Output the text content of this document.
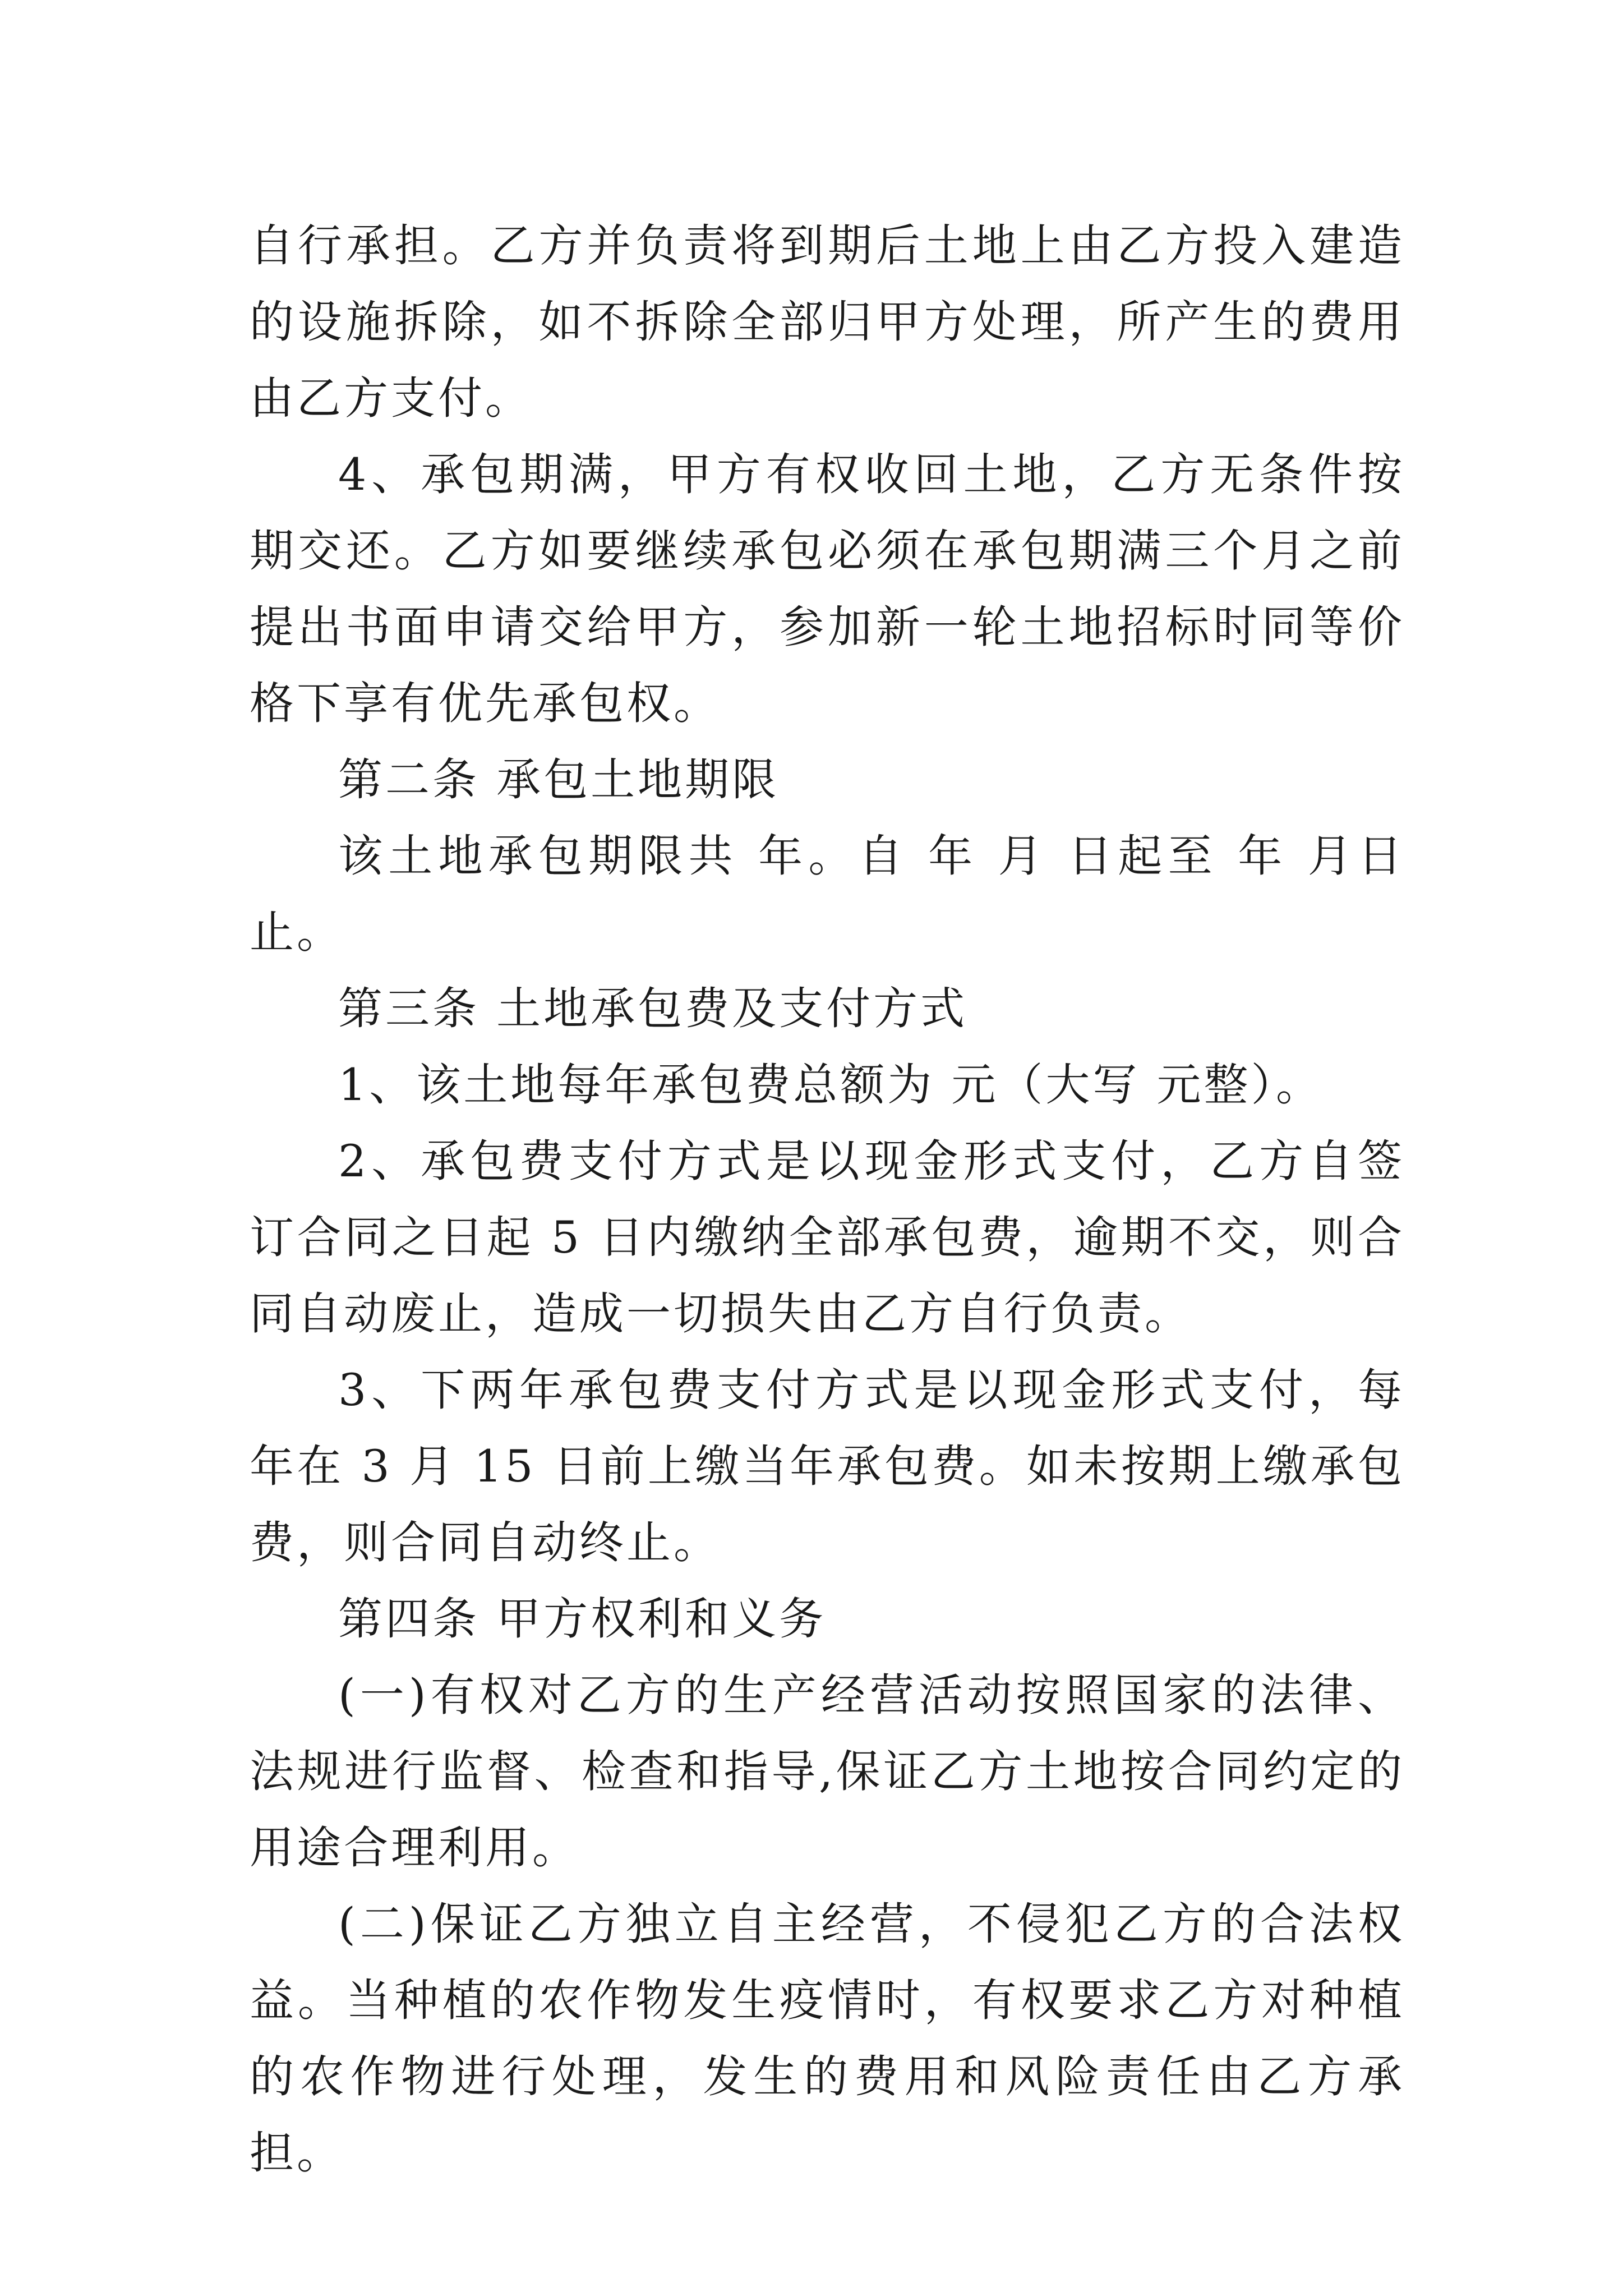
自行承担。乙方并负责将到期后土地上由乙方投入建造的设施拆除，如不拆除全部归甲方处理，所产生的费用由乙方支付。

4、承包期满，甲方有权收回土地，乙方无条件按期交还。乙方如要继续承包必须在承包期满三个月之前提出书面申请交给甲方，参加新一轮土地招标时同等价格下享有优先承包权。

第二条 承包土地期限

该土地承包期限共 年。自 年 月 日起至 年 月日止。

第三条 土地承包费及支付方式

1、该土地每年承包费总额为 元（大写 元整）。

2、承包费支付方式是以现金形式支付，乙方自签订合同之日起 5 日内缴纳全部承包费，逾期不交，则合同自动废止，造成一切损失由乙方自行负责。

3、下两年承包费支付方式是以现金形式支付，每年在 3 月 15 日前上缴当年承包费。如未按期上缴承包费，则合同自动终止。

第四条 甲方权利和义务

(一)有权对乙方的生产经营活动按照国家的法律、法规进行监督、检查和指导,保证乙方土地按合同约定的用途合理利用。

(二)保证乙方独立自主经营，不侵犯乙方的合法权益。当种植的农作物发生疫情时，有权要求乙方对种植的农作物进行处理，发生的费用和风险责任由乙方承担。
